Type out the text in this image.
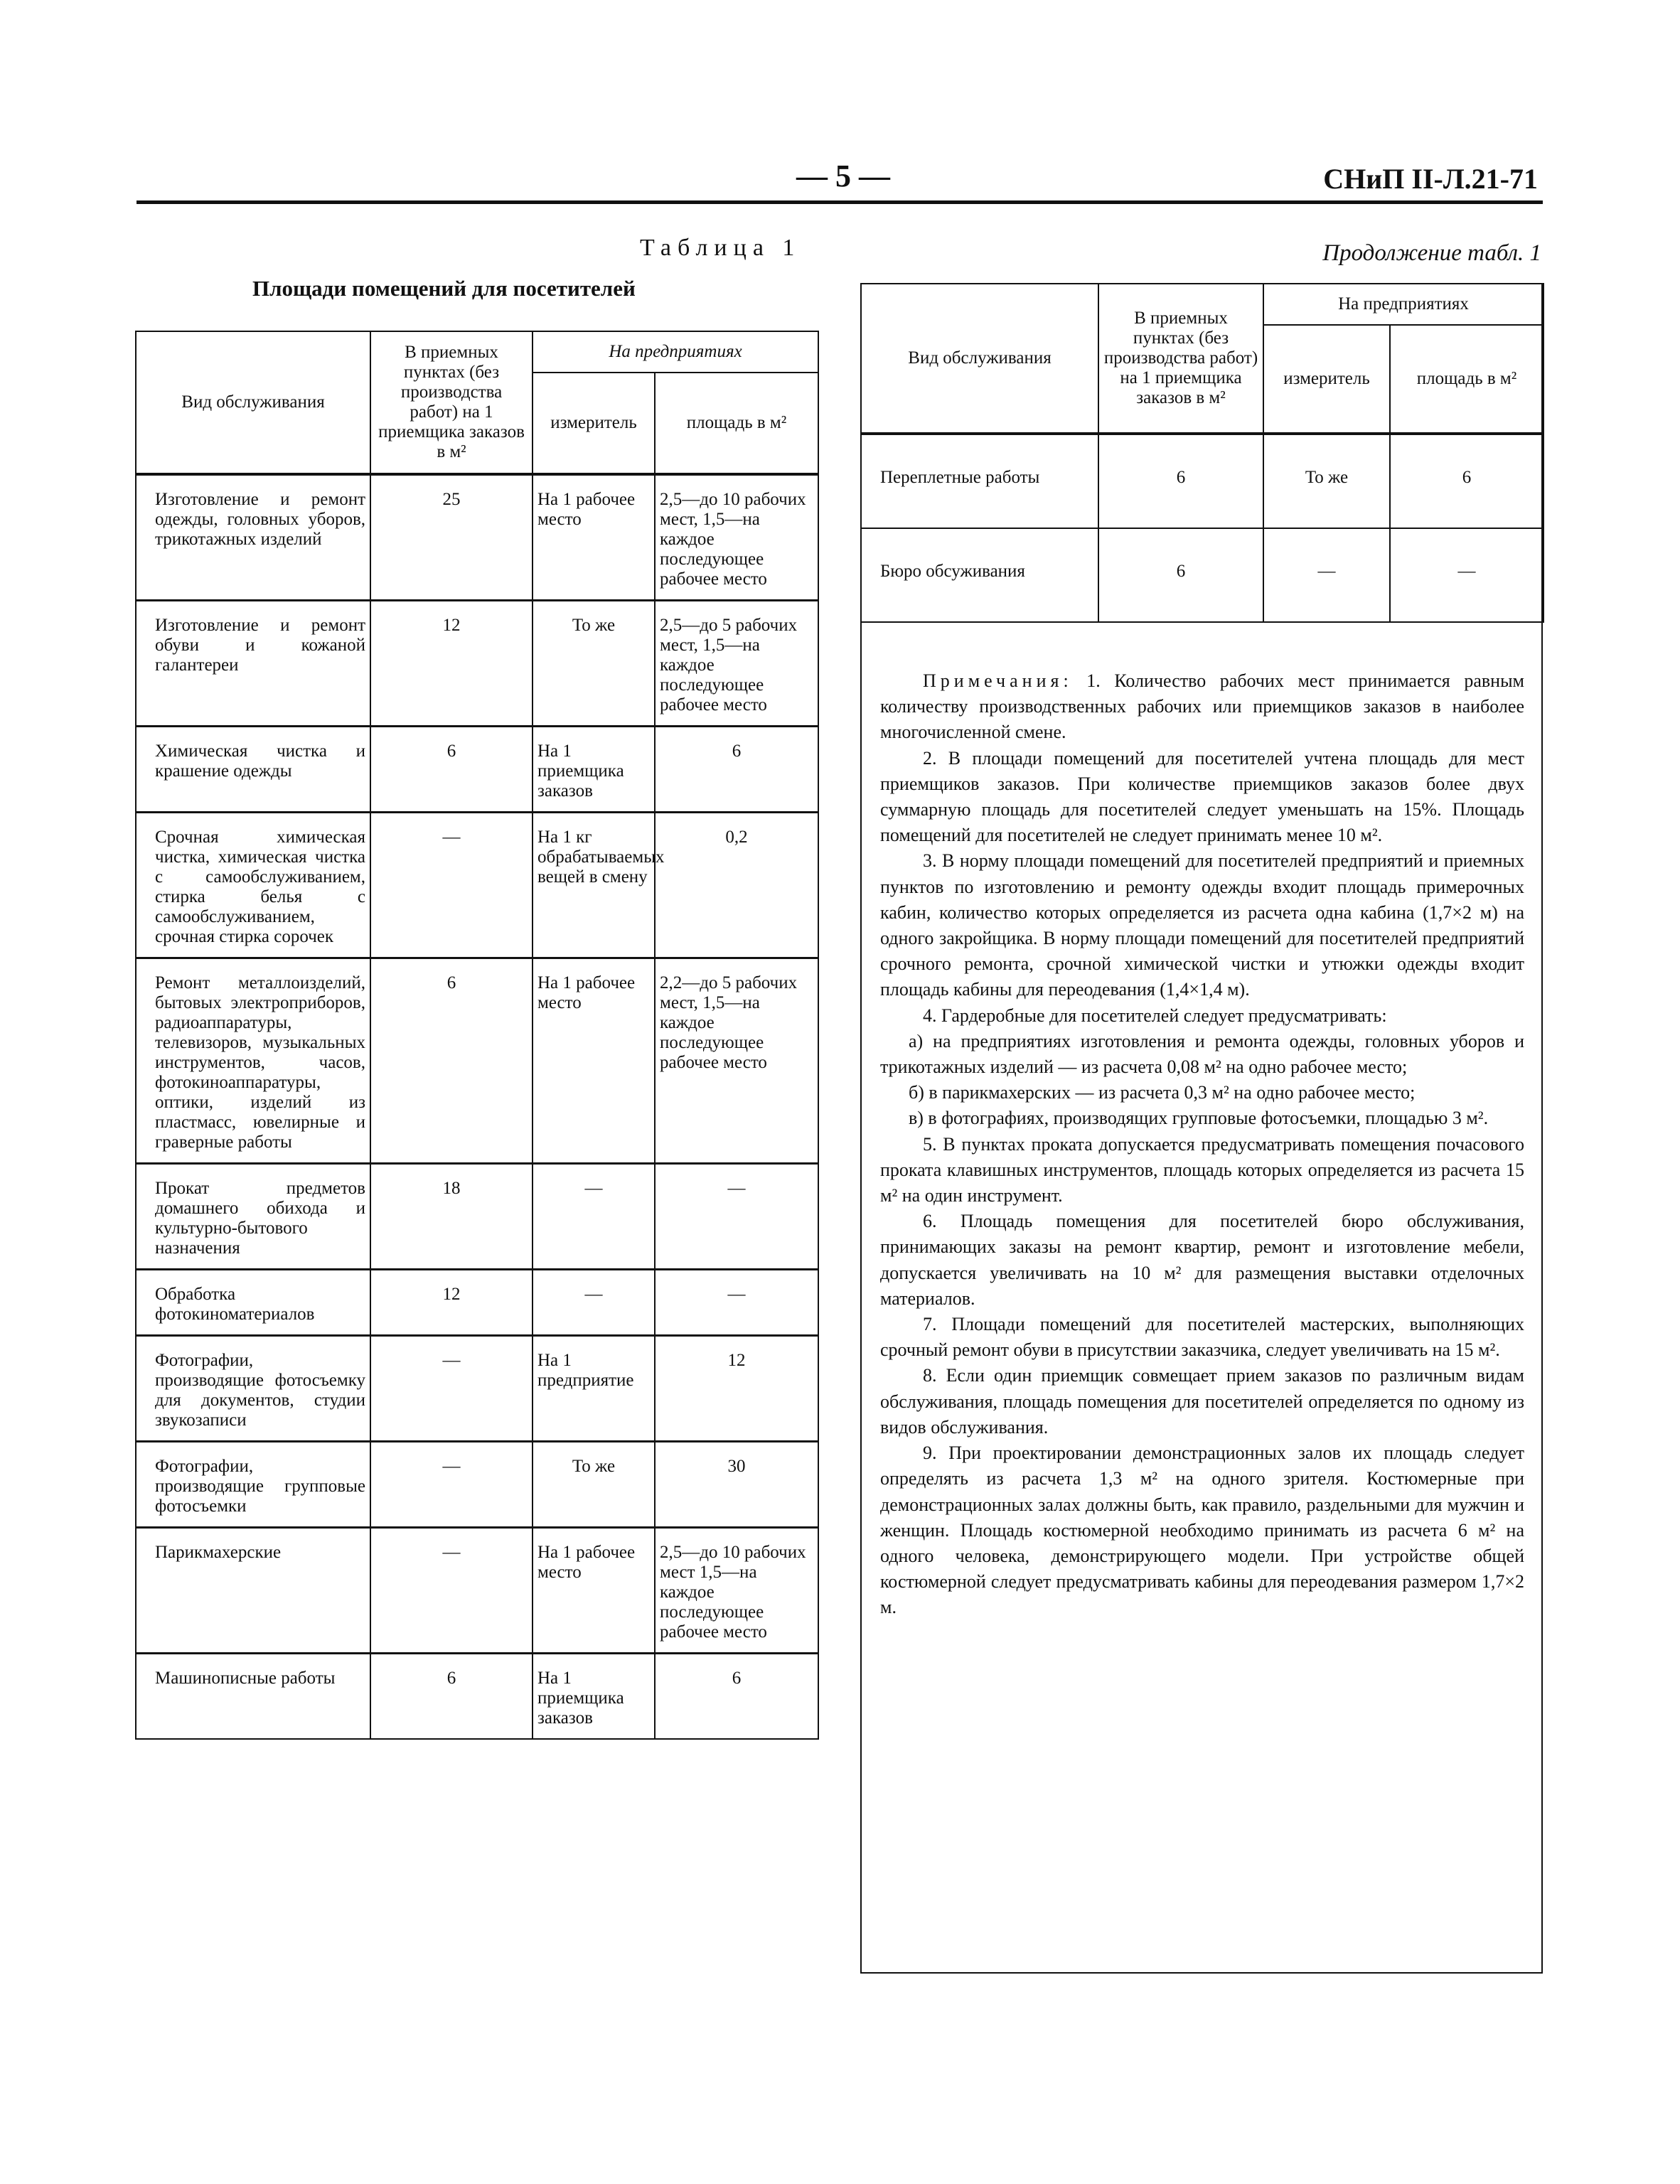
— 5 —	СНиП II-Л.21-71
Таблица 1
Площади помещений для посетителей
Вид обслуживания	В приемных пунктах (без производства работ) на 1 приемщика заказов в м²	На предприятиях	
		измеритель	площадь в м²
Изготовление и ремонт одежды, головных уборов, трикотажных изделий	25	На 1 рабочее место	2,5—до 10 рабочих мест, 1,5—на каждое последующее рабочее место
Изготовление и ремонт обуви и кожаной галантереи	12	То же	2,5—до 5 рабочих мест, 1,5—на каждое последующее рабочее место
Химическая чистка и крашение одежды	6	На 1 приемщика заказов	6
Срочная химическая чистка, химическая чистка с самообслуживанием, стирка белья с самообслуживанием, срочная стирка сорочек	—	На 1 кг обрабатываемых вещей в смену	0,2
Ремонт металлоизделий, бытовых электроприборов, радиоаппаратуры, телевизоров, музыкальных инструментов, часов, фотокиноаппаратуры, оптики, изделий из пластмасс, ювелирные и граверные работы	6	На 1 рабочее место	2,2—до 5 рабочих мест, 1,5—на каждое последующее рабочее место
Прокат предметов домашнего обихода и культурно-бытового назначения	18	—	—
Обработка фотокиноматериалов	12	—	—
Фотографии, производящие фотосъемку для документов, студии звукозаписи	—	На 1 предприятие	12
Фотографии, производящие групповые фотосъемки	—	То же	30
Парикмахерские	—	На 1 рабочее место	2,5—до 10 рабочих мест 1,5—на каждое последующее рабочее место
Машинописные работы	6	На 1 приемщика заказов	6
Продолжение табл. 1
Вид обслуживания	В приемных пунктах (без производства работ) на 1 приемщика заказов в м²	На предприятиях	
		измеритель	площадь в м²
Переплетные работы	6	То же	6
Бюро обсуживания	6	—	—

Примечания: 1. Количество рабочих мест принимается равным количеству производственных рабочих или приемщиков заказов в наиболее многочисленной смене.

2. В площади помещений для посетителей учтена площадь для мест приемщиков заказов. При количестве приемщиков заказов более двух суммарную площадь для посетителей следует уменьшать на 15%. Площадь помещений для посетителей не следует принимать менее 10 м².

3. В норму площади помещений для посетителей предприятий и приемных пунктов по изготовлению и ремонту одежды входит площадь примерочных кабин, количество которых определяется из расчета одна кабина (1,7×2 м) на одного закройщика. В норму площади помещений для посетителей предприятий срочного ремонта, срочной химической чистки и утюжки одежды входит площадь кабины для переодевания (1,4×1,4 м).

4. Гардеробные для посетителей следует предусматривать:

а) на предприятиях изготовления и ремонта одежды, головных уборов и трикотажных изделий — из расчета 0,08 м² на одно рабочее место;

б) в парикмахерских — из расчета 0,3 м² на одно рабочее место;

в) в фотографиях, производящих групповые фотосъемки, площадью 3 м².

5. В пунктах проката допускается предусматривать помещения почасового проката клавишных инструментов, площадь которых определяется из расчета 15 м² на один инструмент.

6. Площадь помещения для посетителей бюро обслуживания, принимающих заказы на ремонт квартир, ремонт и изготовление мебели, допускается увеличивать на 10 м² для размещения выставки отделочных материалов.

7. Площади помещений для посетителей мастерских, выполняющих срочный ремонт обуви в присутствии заказчика, следует увеличивать на 15 м².

8. Если один приемщик совмещает прием заказов по различным видам обслуживания, площадь помещения для посетителей определяется по одному из видов обслуживания.

9. При проектировании демонстрационных залов их площадь следует определять из расчета 1,3 м² на одного зрителя. Костюмерные при демонстрационных залах должны быть, как правило, раздельными для мужчин и женщин. Площадь костюмерной необходимо принимать из расчета 6 м² на одного человека, демонстрирующего модели. При устройстве общей костюмерной следует предусматривать кабины для переодевания размером 1,7×2 м.
